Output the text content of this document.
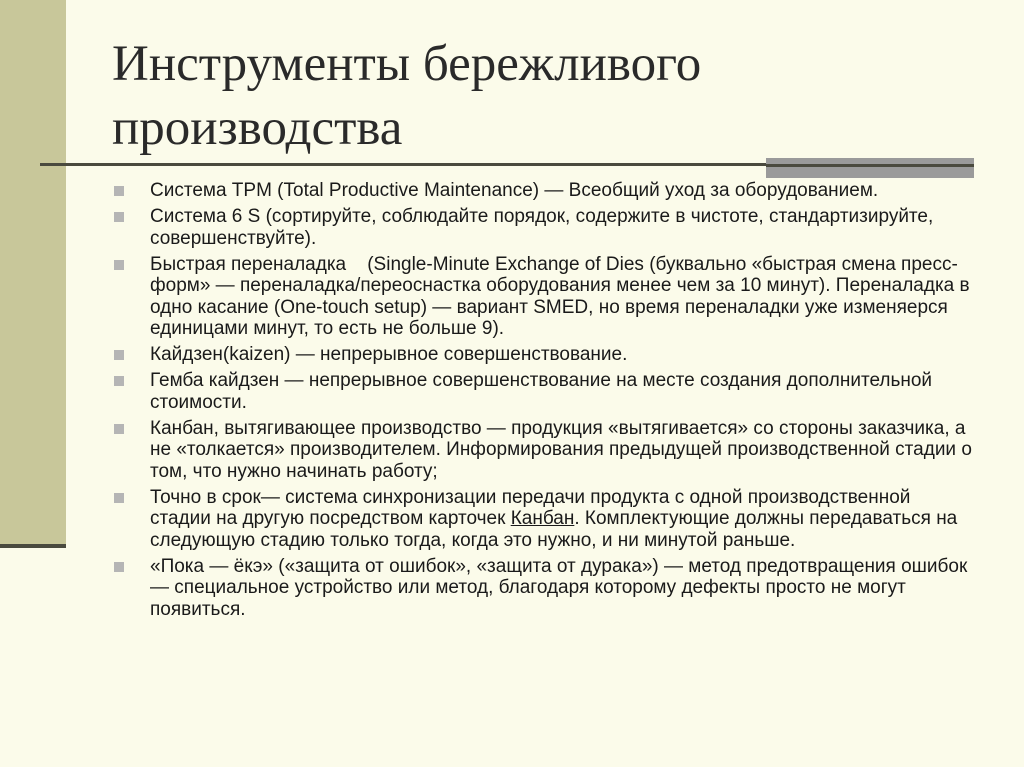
Инструменты бережливого производства
Система TPM (Total Productive Maintenance) — Всеобщий уход за оборудованием.
Система 6 S (сортируйте, соблюдайте порядок, содержите в чистоте, стандартизируйте, совершенствуйте).
Быстрая переналадка    (Single-Minute Exchange of Dies (буквально «быстрая смена пресс-форм» — переналадка/переоснастка оборудования менее чем за 10 минут). Переналадка в одно касание (One-touch setup) — вариант SMED, но время переналадки уже изменяерся единицами минут, то есть не больше 9).
Кайдзен(kaizen) — непрерывное совершенствование.
Гемба кайдзен — непрерывное совершенствование на месте создания дополнительной стоимости.
Канбан, вытягивающее производство — продукция «вытягивается» со стороны заказчика, а не «толкается» производителем. Информирования предыдущей производственной стадии о том, что нужно начинать работу;
Точно в срок— система синхронизации передачи продукта с одной производственной стадии на другую посредством карточек Канбан. Комплектующие должны передаваться на следующую стадию только тогда, когда это нужно, и ни минутой раньше.
«Пока — ёкэ» («защита от ошибок», «защита от дурака») — метод предотвращения ошибок — специальное устройство или метод, благодаря которому дефекты просто не могут появиться.
